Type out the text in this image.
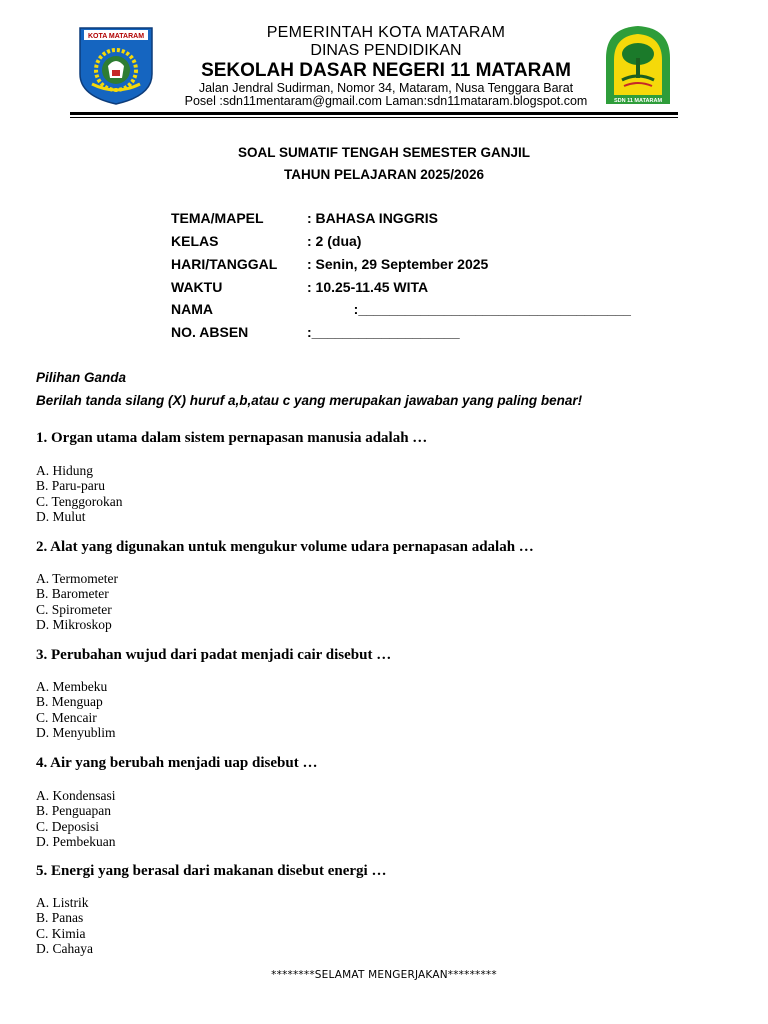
KOTA MATARAM	PEMERINTAH KOTA MATARAM
DINAS PENDIDIKAN
SEKOLAH DASAR NEGERI 11 MATARAM
Jalan Jendral Sudirman, Nomor 34, Mataram, Nusa Tenggara Barat
Posel :sdn11mentaram@gmail.com Laman:sdn11mataram.blogspot.com	SDN 11 MATARAM
SOAL SUMATIF TENGAH SEMESTER GANJIL
TAHUN PELAJARAN 2025/2026
TEMA/MAPEL	: BAHASA INGGRIS
KELAS	: 2 (dua)
HARI/TANGGAL : Senin, 29 September 2025
WAKTU	: 10.25-11.45 WITA
NAMA	:___________________________________
NO. ABSEN	:___________________
Pilihan Ganda
Berilah tanda silang (X) huruf a,b,atau c yang merupakan jawaban yang paling benar!
1. Organ utama dalam sistem pernapasan manusia adalah …
A. Hidung
B. Paru-paru
C. Tenggorokan
D. Mulut
2. Alat yang digunakan untuk mengukur volume udara pernapasan adalah …
A. Termometer
B. Barometer
C. Spirometer
D. Mikroskop
3. Perubahan wujud dari padat menjadi cair disebut …
A. Membeku
B. Menguap
C. Mencair
D. Menyublim
4. Air yang berubah menjadi uap disebut …
A. Kondensasi
B. Penguapan
C. Deposisi
D. Pembekuan
5. Energi yang berasal dari makanan disebut energi …
A. Listrik
B. Panas
C. Kimia
D. Cahaya
********SELAMAT MENGERJAKAN*********
